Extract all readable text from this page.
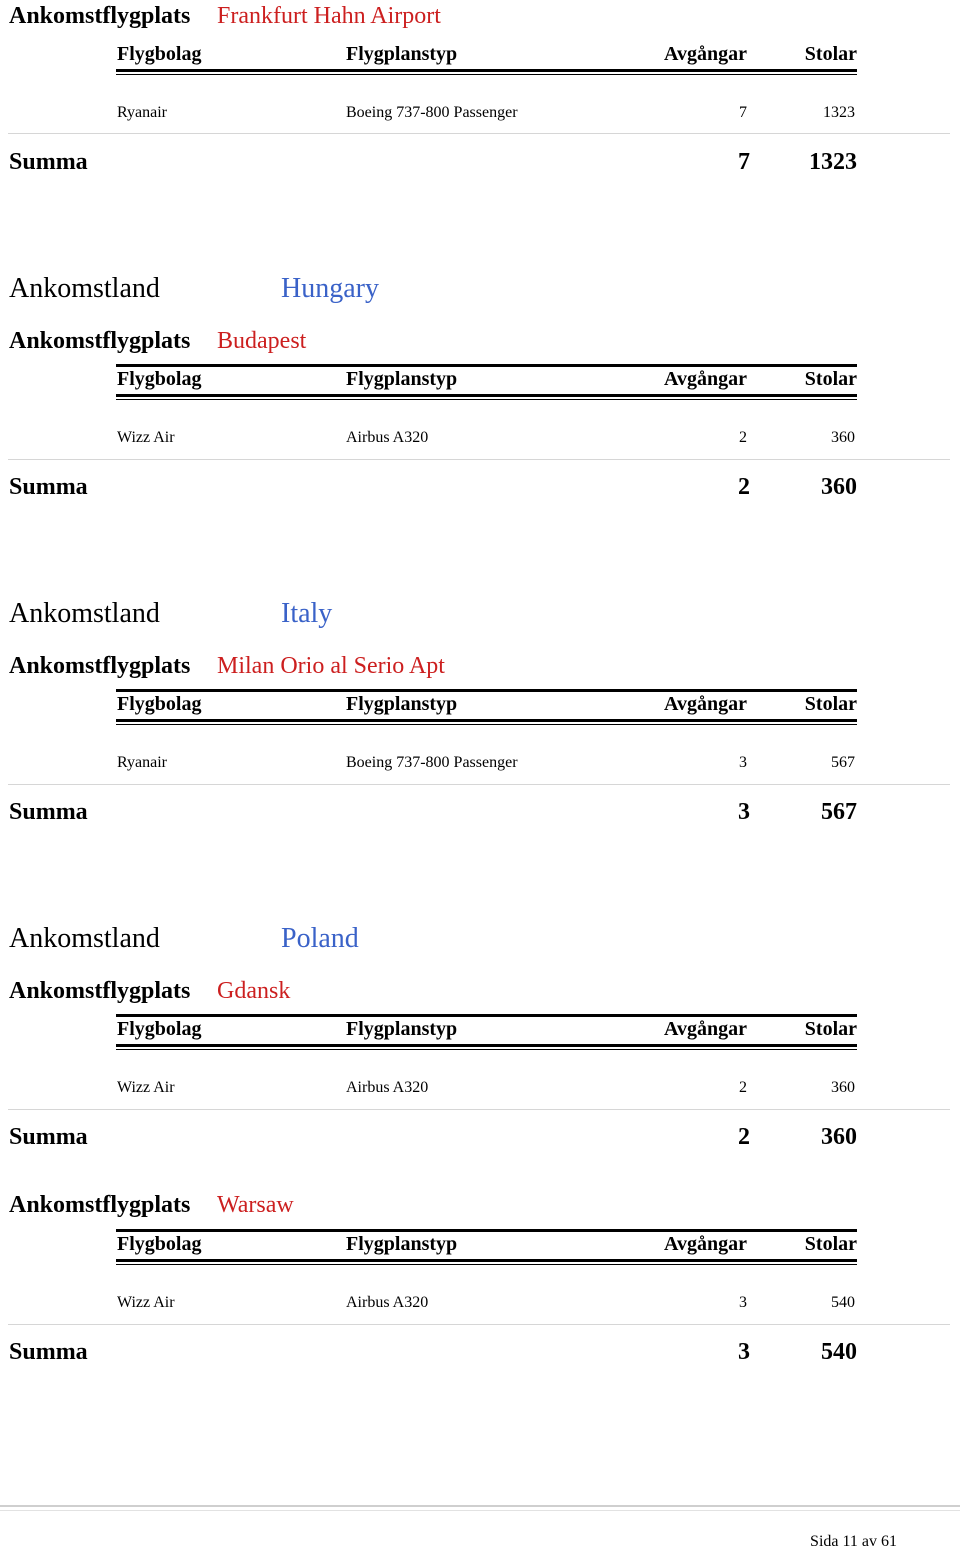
Ankomstflygplats Frankfurt Hahn Airport
Flygbolag	Flygplanstyp	Avgångar	Stolar
Ryanair	Boeing 737-800 Passenger	7	1323
Summa	7	1323
Ankomstland	Hungary
Ankomstflygplats Budapest
Flygbolag	Flygplanstyp	Avgångar	Stolar
Wizz Air	Airbus A320	2	360
Summa	2	360
Ankomstland	Italy
Ankomstflygplats Milan Orio al Serio Apt
Flygbolag	Flygplanstyp	Avgångar	Stolar
Ryanair	Boeing 737-800 Passenger	3	567
Summa	3	567
Ankomstland	Poland
Ankomstflygplats Gdansk
Flygbolag	Flygplanstyp	Avgångar	Stolar
Wizz Air	Airbus A320	2	360
Summa	2	360
Ankomstflygplats Warsaw
Flygbolag	Flygplanstyp	Avgångar	Stolar
Wizz Air	Airbus A320	3	540
Summa	3	540
Sida 11 av 61
